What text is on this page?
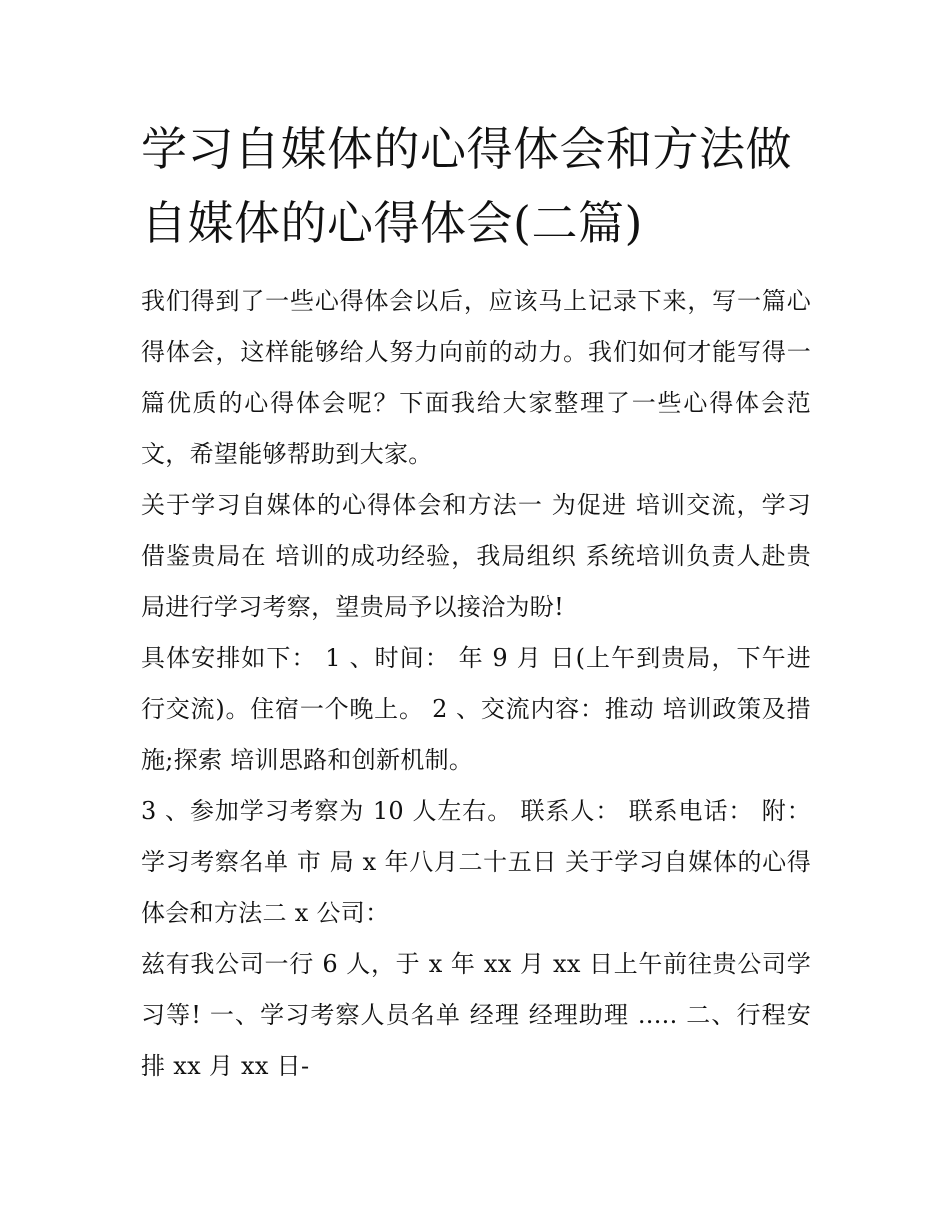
学习自媒体的心得体会和方法做自媒体的心得体会(二篇)

我们得到了一些心得体会以后，应该马上记录下来，写一篇心得体会，这样能够给人努力向前的动力。我们如何才能写得一篇优质的心得体会呢？下面我给大家整理了一些心得体会范文，希望能够帮助到大家。

关于学习自媒体的心得体会和方法一 为促进 培训交流，学习借鉴贵局在 培训的成功经验，我局组织 系统培训负责人赴贵局进行学习考察，望贵局予以接洽为盼!

具体安排如下： 1 、时间： 年 9 月 日(上午到贵局，下午进行交流)。住宿一个晚上。 2 、交流内容：推动 培训政策及措施;探索 培训思路和创新机制。

3 、参加学习考察为 10 人左右。 联系人： 联系电话： 附：学习考察名单 市 局 x 年八月二十五日 关于学习自媒体的心得体会和方法二 x 公司：

兹有我公司一行 6 人，于 x 年 xx 月 xx 日上午前往贵公司学习等! 一、学习考察人员名单 经理 经理助理 ..... 二、行程安排 xx 月 xx 日-
